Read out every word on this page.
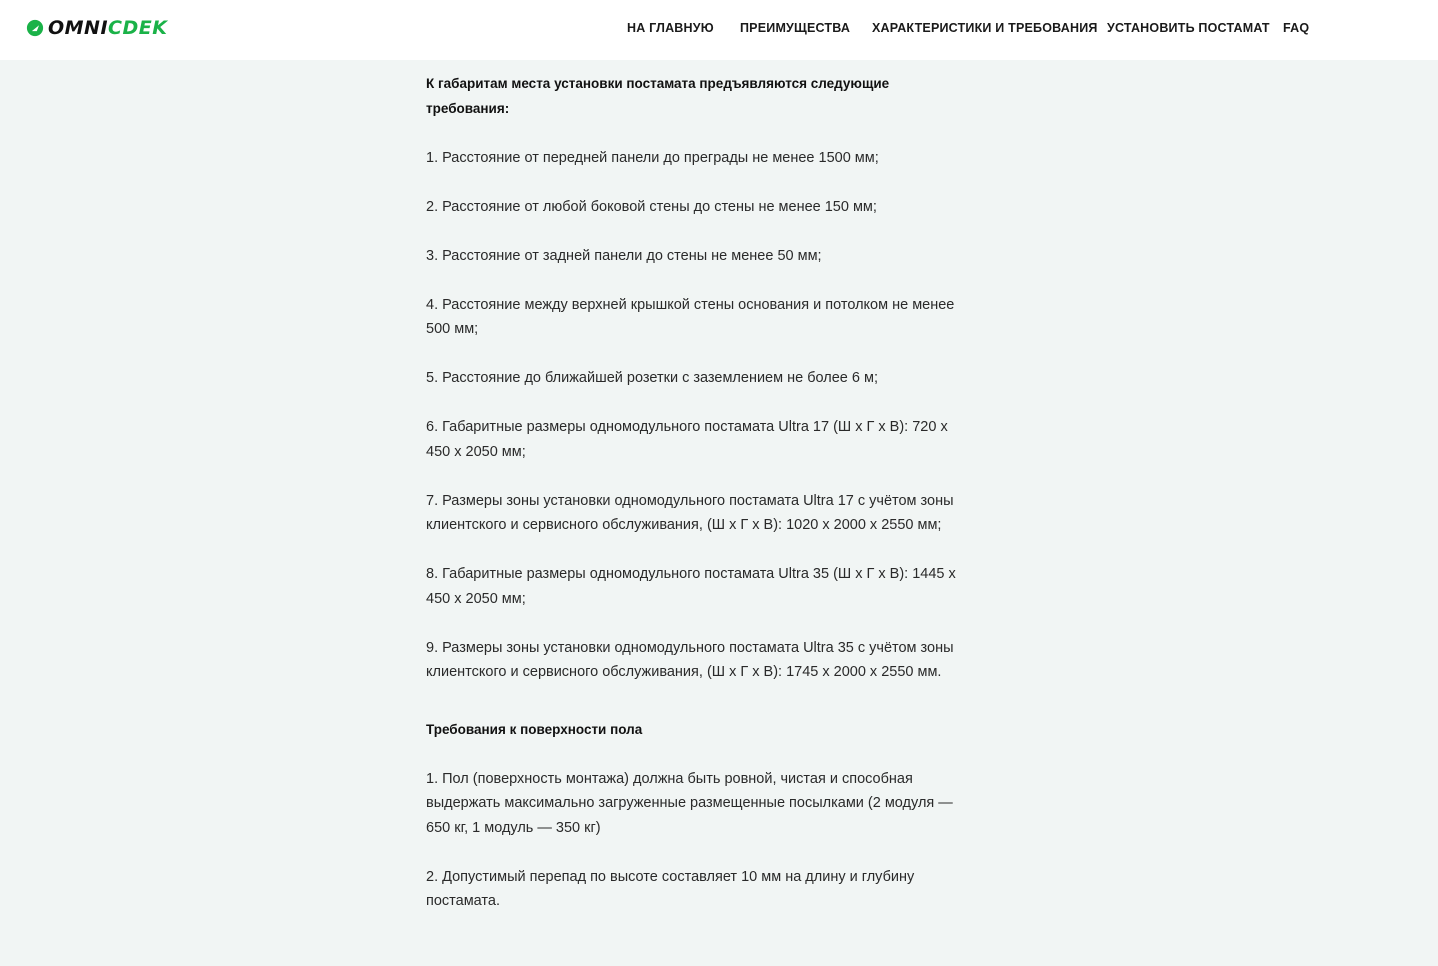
OMNICDEK	НА ГЛАВНУЮ ПРЕИМУЩЕСТВА ХАРАКТЕРИСТИКИ И ТРЕБОВАНИЯ УСТАНОВИТЬ ПОСТАМАТ FAQ

К габаритам места установки постамата предъявляются следующие требования:

1. Расстояние от передней панели до преграды не менее 1500 мм;

2. Расстояние от любой боковой стены до стены не менее 150 мм;

3. Расстояние от задней панели до стены не менее 50 мм;

4. Расстояние между верхней крышкой стены основания и потолком не менее 500 мм;

5. Расстояние до ближайшей розетки с заземлением не более 6 м;

6. Габаритные размеры одномодульного постамата Ultra 17 (Ш х Г х В): 720 х 450 х 2050 мм;

7. Размеры зоны установки одномодульного постамата Ultra 17 с учётом зоны клиентского и сервисного обслуживания, (Ш х Г х В): 1020 х 2000 х 2550 мм;

8. Габаритные размеры одномодульного постамата Ultra 35 (Ш х Г х В): 1445 х 450 х 2050 мм;

9. Размеры зоны установки одномодульного постамата Ultra 35 с учётом зоны клиентского и сервисного обслуживания, (Ш х Г х В): 1745 х 2000 х 2550 мм.

Требования к поверхности пола

1. Пол (поверхность монтажа) должна быть ровной, чистая и способная выдержать максимально загруженные размещенные посылками (2 модуля — 650 кг, 1 модуль — 350 кг)

2. Допустимый перепад по высоте составляет 10 мм на длину и глубину постамата.
